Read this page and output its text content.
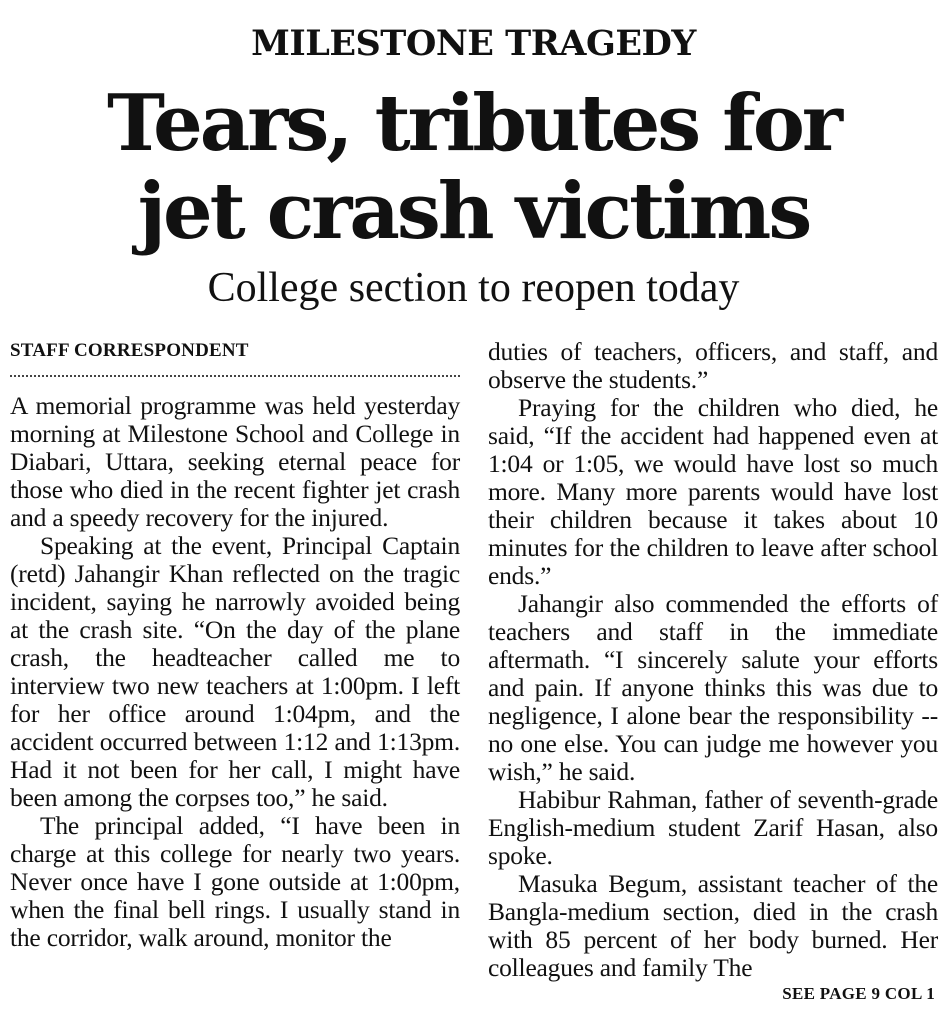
MILESTONE TRAGEDY
Tears, tributes for
jet crash victims
College section to reopen today
STAFF CORRESPONDENT

A memorial programme was held yesterday morning at Milestone School and College in Diabari, Uttara, seeking eternal peace for those who died in the recent fighter jet crash and a speedy recovery for the injured.

Speaking at the event, Principal Captain (retd) Jahangir Khan reflected on the tragic incident, saying he narrowly avoided being at the crash site. “On the day of the plane crash, the headteacher called me to interview two new teachers at 1:00pm. I left for her office around 1:04pm, and the accident occurred between 1:12 and 1:13pm. Had it not been for her call, I might have been among the corpses too,” he said.

The principal added, “I have been in charge at this college for nearly two years. Never once have I gone outside at 1:00pm, when the final bell rings. I usually stand in the corridor, walk around, monitor the

duties of teachers, officers, and staff, and observe the students.”

Praying for the children who died, he said, “If the accident had happened even at 1:04 or 1:05, we would have lost so much more. Many more parents would have lost their children because it takes about 10 minutes for the children to leave after school ends.”

Jahangir also commended the efforts of teachers and staff in the immediate aftermath. “I sincerely salute your efforts and pain. If anyone thinks this was due to negligence, I alone bear the responsibility -- no one else. You can judge me however you wish,” he said.

Habibur Rahman, father of seventh-grade English-medium student Zarif Hasan, also spoke.

Masuka Begum, assistant teacher of the Bangla-medium section, died in the crash with 85 percent of her body burned. Her colleagues and family The

SEE PAGE 9 COL 1
